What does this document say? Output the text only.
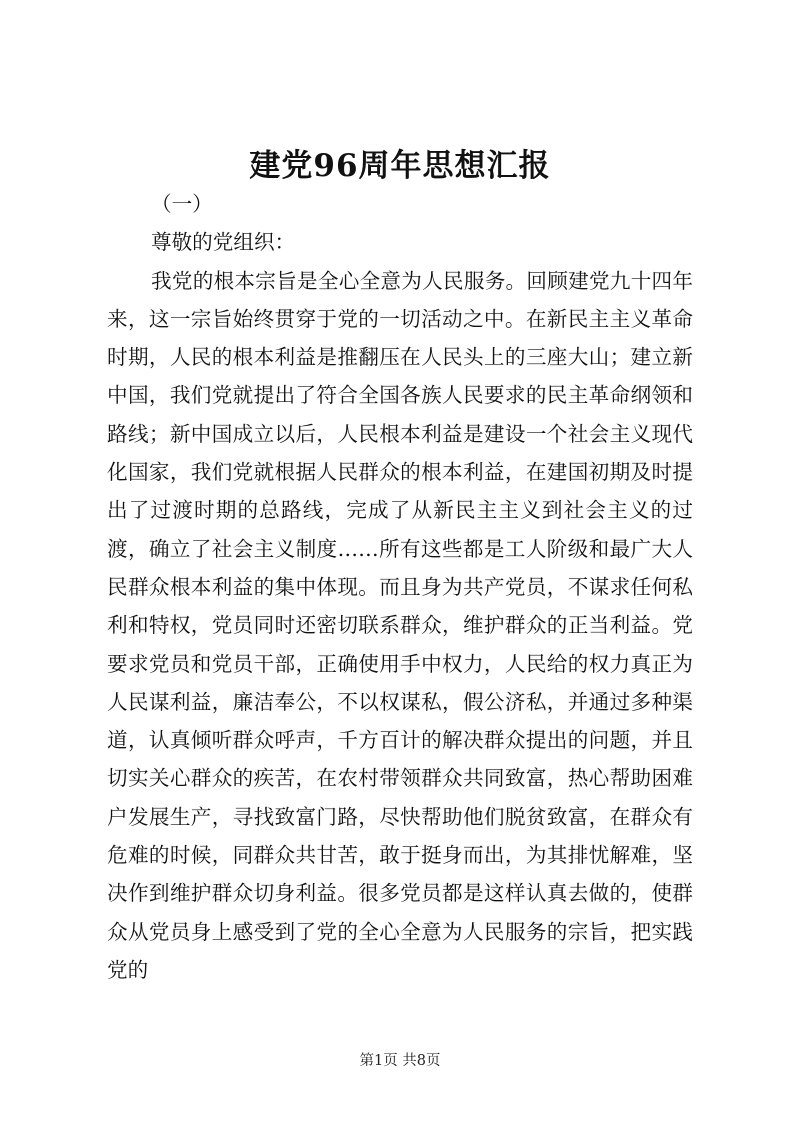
建党96周年思想汇报
（一）
尊敬的党组织：
我党的根本宗旨是全心全意为人民服务。回顾建党九十四年来，这一宗旨始终贯穿于党的一切活动之中。在新民主主义革命时期，人民的根本利益是推翻压在人民头上的三座大山；建立新中国，我们党就提出了符合全国各族人民要求的民主革命纲领和路线；新中国成立以后，人民根本利益是建设一个社会主义现代化国家，我们党就根据人民群众的根本利益，在建国初期及时提出了过渡时期的总路线，完成了从新民主主义到社会主义的过渡，确立了社会主义制度……所有这些都是工人阶级和最广大人民群众根本利益的集中体现。而且身为共产党员，不谋求任何私利和特权，党员同时还密切联系群众，维护群众的正当利益。党要求党员和党员干部，正确使用手中权力，人民给的权力真正为人民谋利益，廉洁奉公，不以权谋私，假公济私，并通过多种渠道，认真倾听群众呼声，千方百计的解决群众提出的问题，并且切实关心群众的疾苦，在农村带领群众共同致富，热心帮助困难户发展生产，寻找致富门路，尽快帮助他们脱贫致富，在群众有危难的时候，同群众共甘苦，敢于挺身而出，为其排忧解难，坚决作到维护群众切身利益。很多党员都是这样认真去做的，使群众从党员身上感受到了党的全心全意为人民服务的宗旨，把实践党的
第1页 共8页
